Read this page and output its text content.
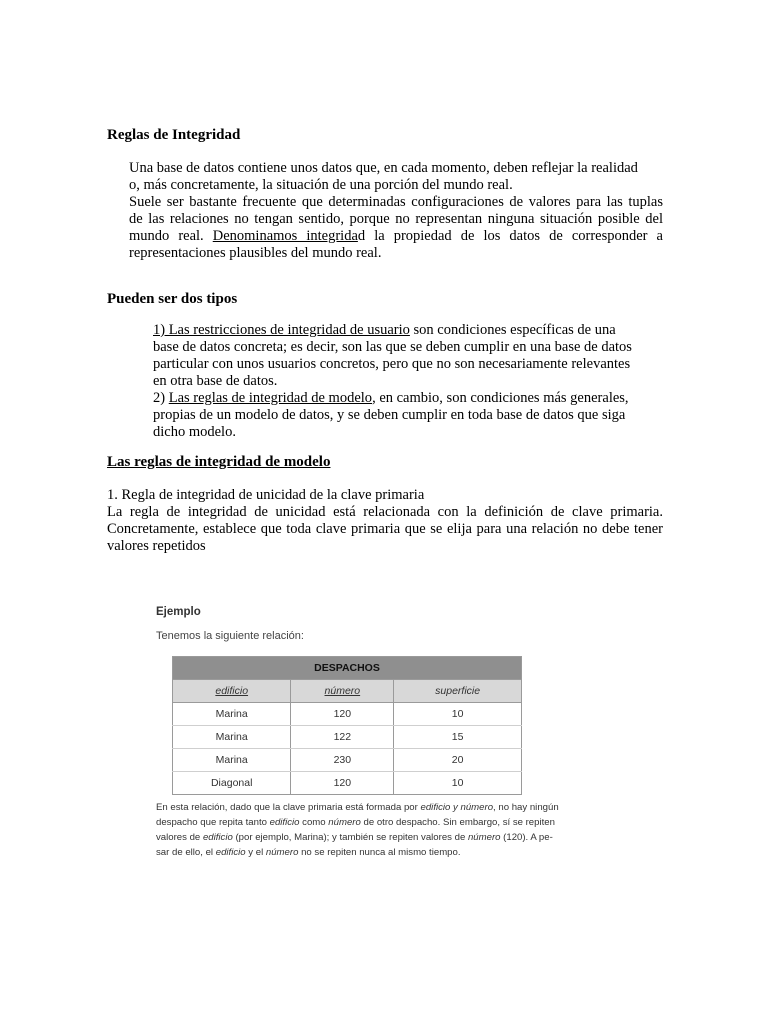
Reglas de Integridad
Una base de datos contiene unos datos que, en cada momento, deben reflejar la realidad
o, más concretamente, la situación de una porción del mundo real.
Suele ser bastante frecuente que determinadas configuraciones de valores para las tuplas
de las relaciones no tengan sentido, porque no representan ninguna situación posible del
mundo real. Denominamos integridad la propiedad de los datos de corresponder a
representaciones plausibles del mundo real.
Pueden ser dos tipos
1) Las restricciones de integridad de usuario son condiciones específicas de una
base de datos concreta; es decir, son las que se deben cumplir en una base de datos
particular con unos usuarios concretos, pero que no son necesariamente relevantes
en otra base de datos.
2) Las reglas de integridad de modelo, en cambio, son condiciones más generales,
propias de un modelo de datos, y se deben cumplir en toda base de datos que siga
dicho modelo.
Las reglas de integridad de modelo
1. Regla de integridad de unicidad de la clave primaria
La regla de integridad de unicidad está relacionada con la definición de clave primaria.
Concretamente, establece que toda clave primaria que se elija para una relación no debe tener
valores repetidos
Ejemplo
Tenemos la siguiente relación:
DESPACHOS		
edificio	número	superficie
Marina	120	10
Marina	122	15
Marina	230	20
Diagonal	120	10
En esta relación, dado que la clave primaria está formada por edificio y número, no hay ningún
despacho que repita tanto edificio como número de otro despacho. Sin embargo, sí se repiten
valores de edificio (por ejemplo, Marina); y también se repiten valores de número (120). A pe-
sar de ello, el edificio y el número no se repiten nunca al mismo tiempo.
